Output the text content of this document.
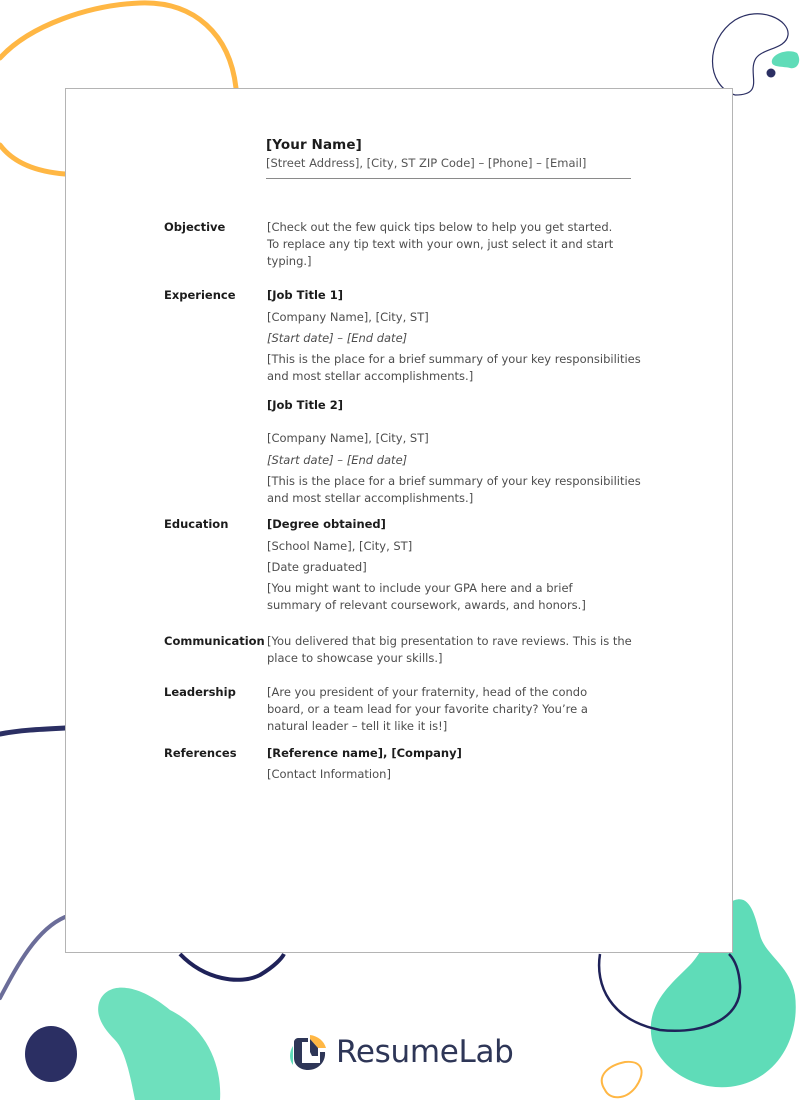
[Your Name]
[Street Address], [City, ST ZIP Code] – [Phone] – [Email]
Objective	[Check out the few quick tips below to help you get started.
To replace any tip text with your own, just select it and start
typing.]
Experience	[Job Title 1]
[Company Name], [City, ST]
[Start date] – [End date]
[This is the place for a brief summary of your key responsibilities
and most stellar accomplishments.]
[Job Title 2]
[Company Name], [City, ST]
[Start date] – [End date]
[This is the place for a brief summary of your key responsibilities
and most stellar accomplishments.]
Education	[Degree obtained]
[School Name], [City, ST]
[Date graduated]
[You might want to include your GPA here and a brief
summary of relevant coursework, awards, and honors.]
Communication [You delivered that big presentation to rave reviews. This is the
place to showcase your skills.]
Leadership	[Are you president of your fraternity, head of the condo
board, or a team lead for your favorite charity? You’re a
natural leader – tell it like it is!]
References	[Reference name], [Company]
[Contact Information]
ResumeLab
